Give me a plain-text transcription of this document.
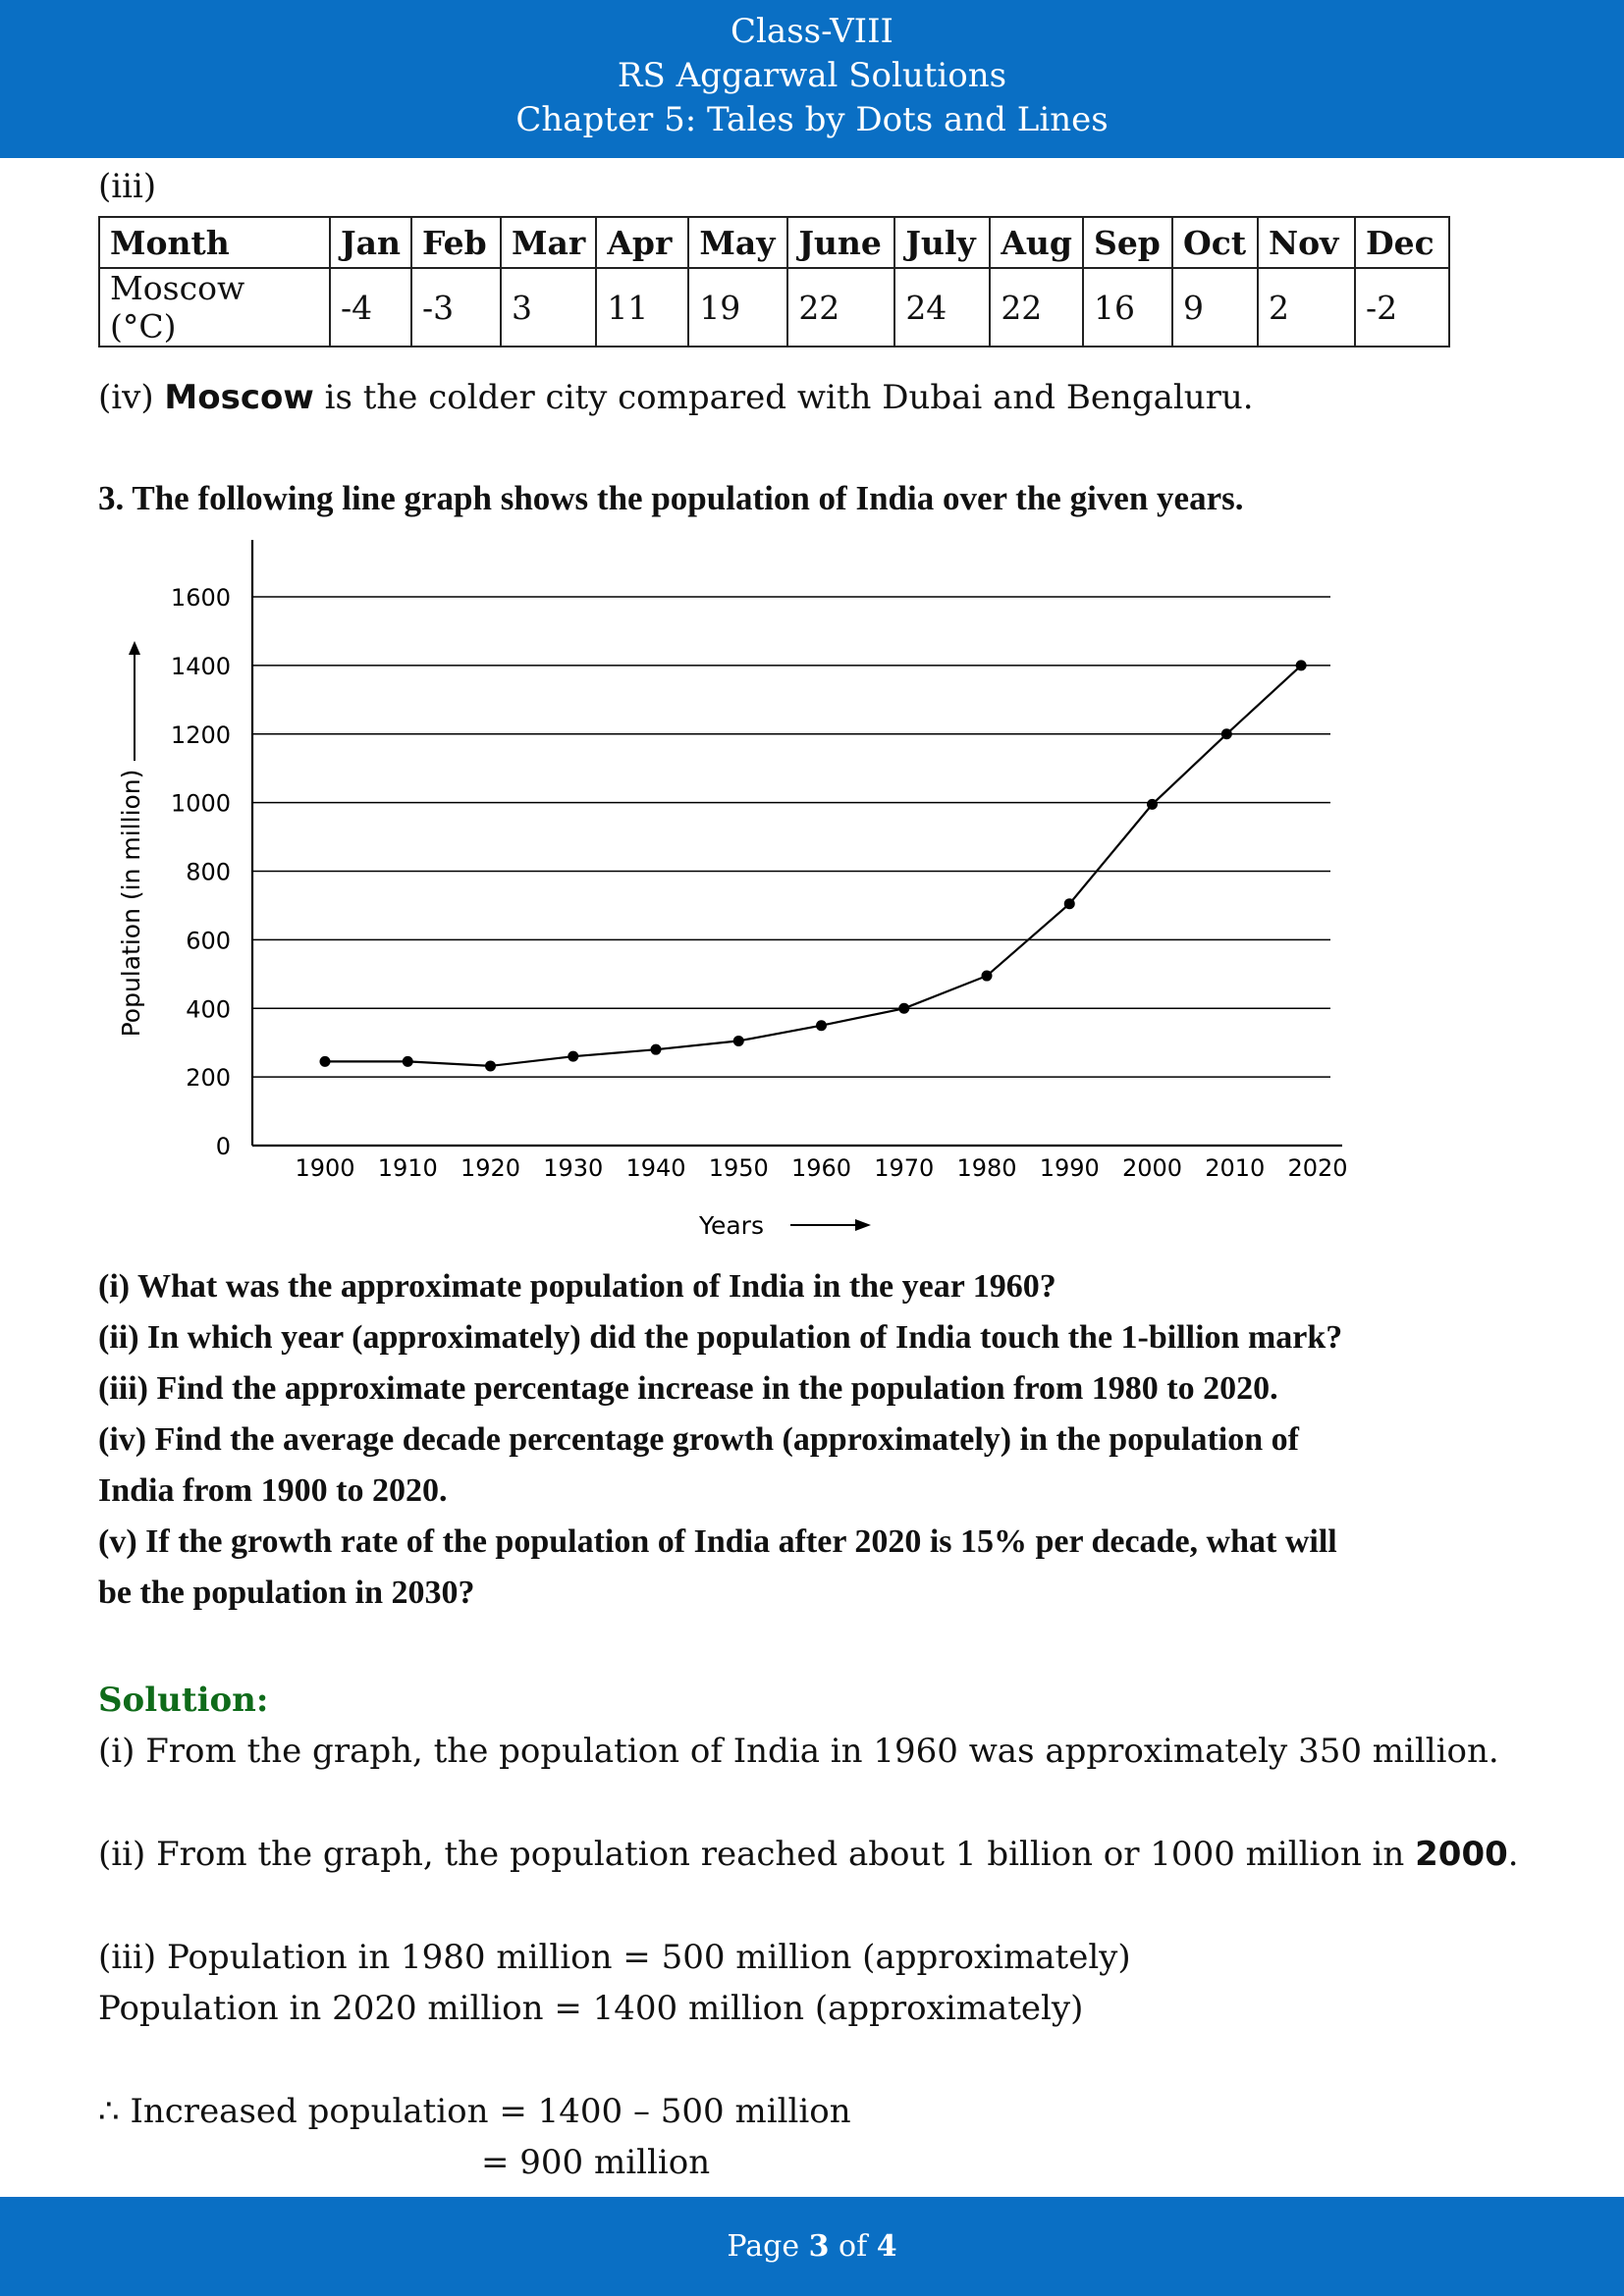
Class-VIII
RS Aggarwal Solutions
Chapter 5: Tales by Dots and Lines
(iii)
Month	Jan	Feb	Mar	Apr	May	June	July	Aug	Sep	Oct	Nov	Dec
Moscow (°C)	-4	-3	3	11	19	22	24	22	16	9	2	-2
(iv) Moscow is the colder city compared with Dubai and Bengaluru.
3. The following line graph shows the population of India over the given years.
0
200
400
600
800
1000
1200
1400
1600
1900 1910 1920 1930 1940 1950 1960 1970 1980 1990 2000 2010 2020
Population (in million)
Years
(i) What was the approximate population of India in the year 1960?
(ii) In which year (approximately) did the population of India touch the 1-billion mark?
(iii) Find the approximate percentage increase in the population from 1980 to 2020.
(iv) Find the average decade percentage growth (approximately) in the population of
India from 1900 to 2020.
(v) If the growth rate of the population of India after 2020 is 15% per decade, what will
be the population in 2030?
Solution:
(i) From the graph, the population of India in 1960 was approximately 350 million.
(ii) From the graph, the population reached about 1 billion or 1000 million in 2000.
(iii) Population in 1980 million = 500 million (approximately)
Population in 2020 million = 1400 million (approximately)
∴ Increased population = 1400 – 500 million
= 900 million
Page 3 of 4
